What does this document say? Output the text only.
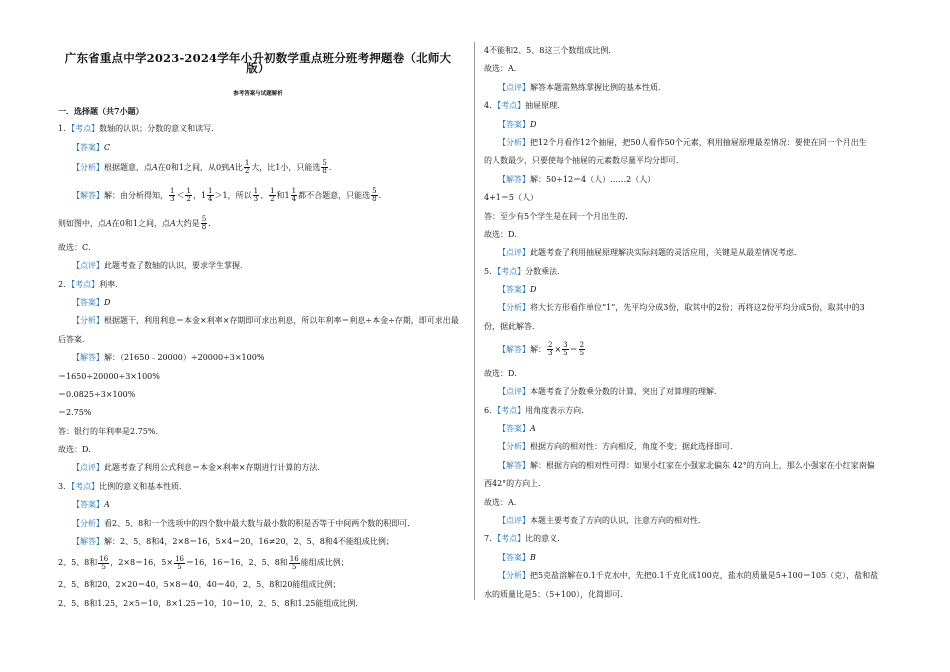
广东省重点中学2023-2024学年小升初数学重点班分班考押题卷（北师大版）
参考答案与试题解析
一．选择题（共7小题）
1．【考点】数轴的认识；分数的意义和读写．
【答案】C
【分析】根据题意，点A在0和1之间，从0到A比 $\frac{1}{2}$ 大，比1小，只能选 $\frac{5}{8}$ ．
【解答】解：由分析得知， $\frac{1}{3} < \frac{1}{2}$ ，$1 \frac{1}{4} >1$，所以 $\frac{1}{3}$ 、 $\frac{1}{2}$ 和$1 \frac{1}{4}$ 都不合题意，只能选 $\frac{5}{8}$ ．
则如图中，点A在0和1之间，点A大约是 $\frac{5}{8}$ ．
故选：C．
【点评】此题考查了数轴的认识，要求学生掌握．
2．【考点】利率．
【答案】D
【分析】根据题干，利用利息＝本金×利率×存期即可求出利息，所以年利率＝利息÷本金÷存期，即可求出最
后答案．
【解答】解：（21650﹣20000）÷20000÷3×100%
＝1650÷20000÷3×100%
＝0.0825÷3×100%
＝2.75%
答：银行的年利率是2.75%．
故选：D．
【点评】此题考查了利用公式利息＝本金×利率×存期进行计算的方法．
3．【考点】比例的意义和基本性质．
【答案】A
【分析】看2、5、8和一个选项中的四个数中最大数与最小数的积是否等于中间两个数的积即可．
【解答】解：2、5、8和4，2×8＝16，5×4＝20，16≠20，2、5、8和4不能组成比例；
2、5、8和 $\frac{16}{5}$ ，2×8＝16，$5\times \frac{16}{5} =16$，16＝16，2、5、8和 $\frac{16}{5}$ 能组成比例；
2、5、8和20，2×20＝40，5×8＝40，40＝40，2、5、8和20能组成比例；
2、5、8和1.25，2×5＝10，8×1.25＝10，10＝10，2、5、8和1.25能组成比例．
4不能和2、5、8这三个数组成比例．
故选：A．
【点评】解答本题需熟练掌握比例的基本性质．
4．【考点】抽屉原理．
【答案】D
【分析】把12个月看作12个抽屉，把50人看作50个元素，利用抽屉原理最差情况：要使在同一个月出生
的人数最少，只要使每个抽屉的元素数尽量平均分即可．
【解答】解：50÷12＝4（人）……2（人）
4+1＝5（人）
答：至少有5个学生是在同一个月出生的．
故选：D．
【点评】此题考查了利用抽屉原理解决实际问题的灵活应用，关键是从最差情况考虑．
5．【考点】分数乘法．
【答案】D
【分析】将大长方形看作单位“1”，先平均分成3份，取其中的2份；再将这2份平均分成5份，取其中的3
份，据此解答．
【解答】解： $\frac{2}{3} \times \frac{3}{5} = \frac{2}{5}$
故选：D．
【点评】本题考查了分数乘分数的计算，突出了对算理的理解．
6．【考点】用角度表示方向．
【答案】A
【分析】根据方向的相对性：方向相反，角度不变；据此选择即可．
【解答】解：根据方向的相对性可得：如果小红家在小强家北偏东 42°的方向上，那么小强家在小红家南偏
西42°的方向上．
故选：A．
【点评】本题主要考查了方向的认识，注意方向的相对性．
7．【考点】比的意义．
【答案】B
【分析】把5克盐溶解在0.1千克水中，先把0.1千克化成100克，盐水的质量是5+100＝105（克），盐和盐
水的质量比是5：（5+100），化简即可．
